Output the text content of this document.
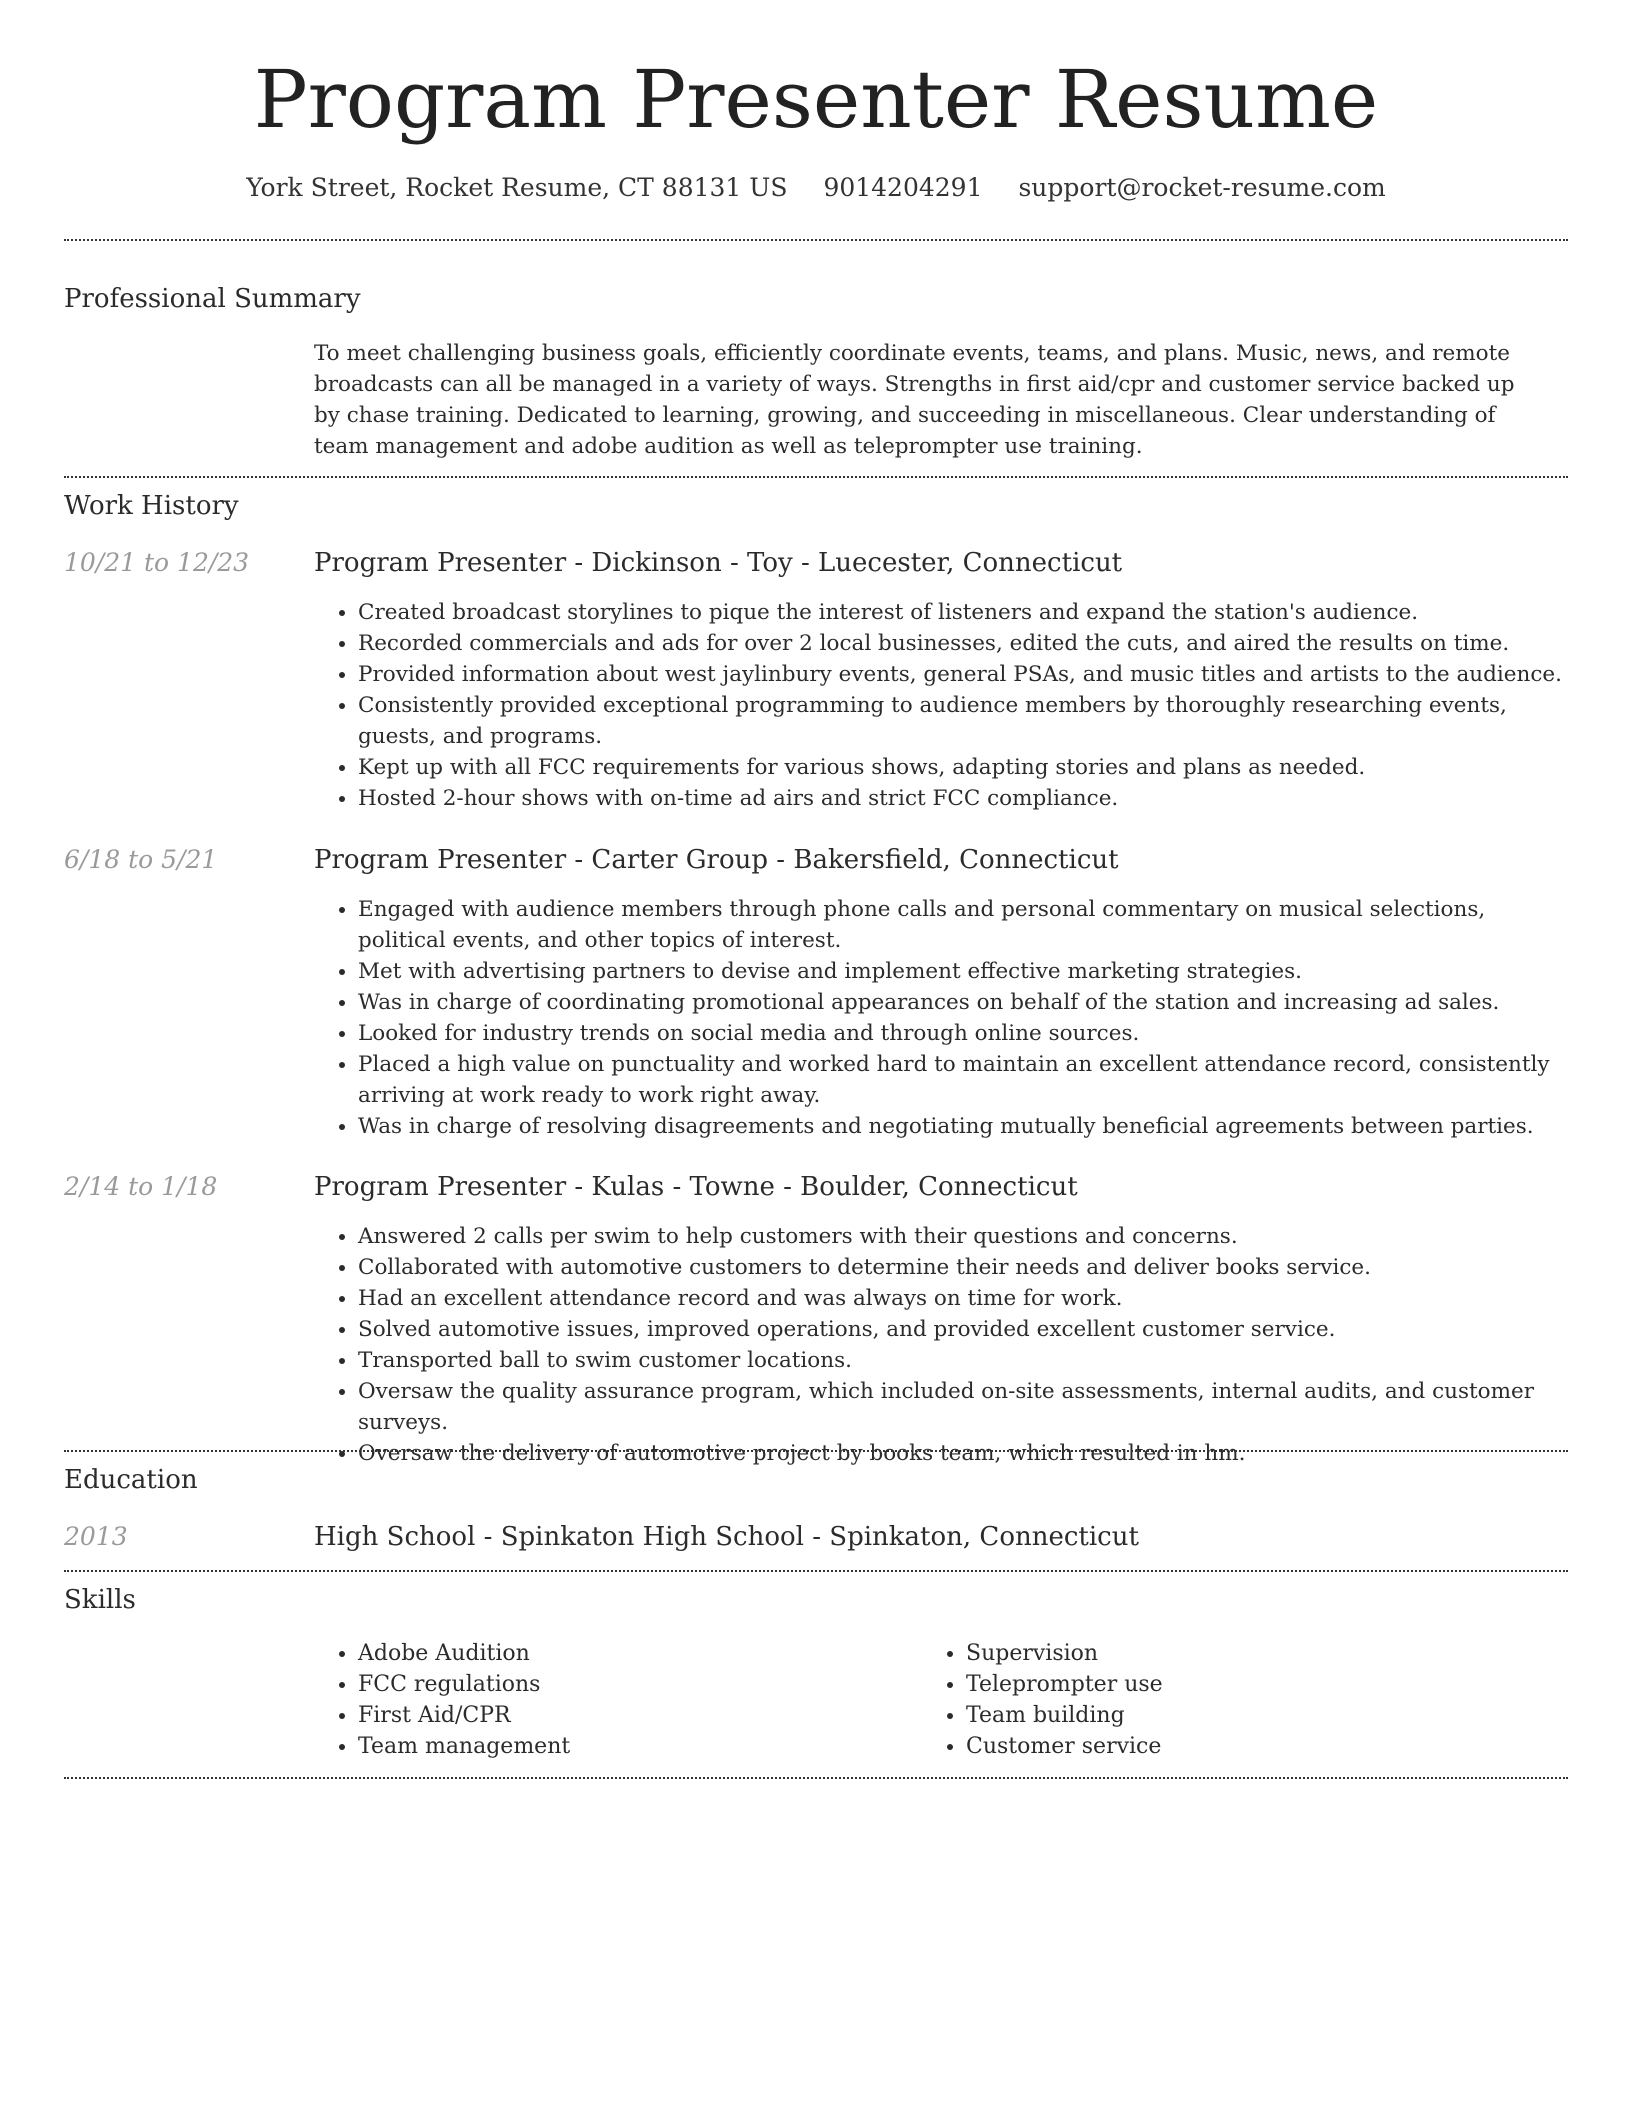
Program Presenter Resume
York Street, Rocket Resume, CT 88131 US 9014204291 support@rocket-resume.com
Professional Summary
To meet challenging business goals, efficiently coordinate events, teams, and plans. Music, news, and remote broadcasts can all be managed in a variety of ways. Strengths in first aid/cpr and customer service backed up by chase training. Dedicated to learning, growing, and succeeding in miscellaneous. Clear understanding of team management and adobe audition as well as teleprompter use training.
Work History
10/21 to 12/23 Program Presenter - Dickinson - Toy - Luecester, Connecticut
• Created broadcast storylines to pique the interest of listeners and expand the station's audience.
• Recorded commercials and ads for over 2 local businesses, edited the cuts, and aired the results on time.
• Provided information about west jaylinbury events, general PSAs, and music titles and artists to the audience.
• Consistently provided exceptional programming to audience members by thoroughly researching events, guests, and programs.
• Kept up with all FCC requirements for various shows, adapting stories and plans as needed.
• Hosted 2-hour shows with on-time ad airs and strict FCC compliance.
6/18 to 5/21	Program Presenter - Carter Group - Bakersfield, Connecticut
• Engaged with audience members through phone calls and personal commentary on musical selections, political events, and other topics of interest.
• Met with advertising partners to devise and implement effective marketing strategies.
• Was in charge of coordinating promotional appearances on behalf of the station and increasing ad sales.
• Looked for industry trends on social media and through online sources.
• Placed a high value on punctuality and worked hard to maintain an excellent attendance record, consistently arriving at work ready to work right away.
• Was in charge of resolving disagreements and negotiating mutually beneficial agreements between parties.
2/14 to 1/18	Program Presenter - Kulas - Towne - Boulder, Connecticut
• Answered 2 calls per swim to help customers with their questions and concerns.
• Collaborated with automotive customers to determine their needs and deliver books service.
• Had an excellent attendance record and was always on time for work.
• Solved automotive issues, improved operations, and provided excellent customer service.
• Transported ball to swim customer locations.
• Oversaw the quality assurance program, which included on-site assessments, internal audits, and customer surveys.
• Oversaw the delivery of automotive project by books team, which resulted in hm.
Education
2013	High School - Spinkaton High School - Spinkaton, Connecticut
Skills
• Adobe Audition
• FCC regulations
• First Aid/CPR
• Team management
• Supervision
• Teleprompter use
• Team building
• Customer service
